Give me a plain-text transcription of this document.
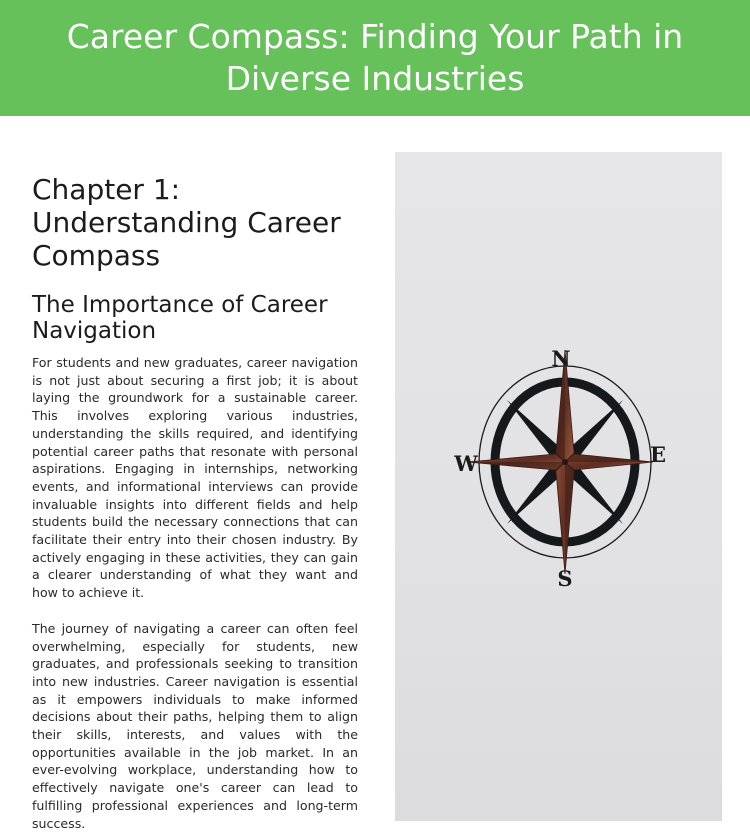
Career Compass: Finding Your Path in Diverse Industries
Chapter 1: Understanding Career Compass
The Importance of Career Navigation

For students and new graduates, career navigation is not just about securing a first job; it is about laying the groundwork for a sustainable career. This involves exploring various industries, understanding the skills required, and identifying potential career paths that resonate with personal aspirations. Engaging in internships, networking events, and informational interviews can provide invaluable insights into different fields and help students build the necessary connections that can facilitate their entry into their chosen industry. By actively engaging in these activities, they can gain a clearer understanding of what they want and how to achieve it.

The journey of navigating a career can often feel overwhelming, especially for students, new graduates, and professionals seeking to transition into new industries. Career navigation is essential as it empowers individuals to make informed decisions about their paths, helping them to align their skills, interests, and values with the opportunities available in the job market. In an ever-evolving workplace, understanding how to effectively navigate one's career can lead to fulfilling professional experiences and long-term success.

N
S
E
W
